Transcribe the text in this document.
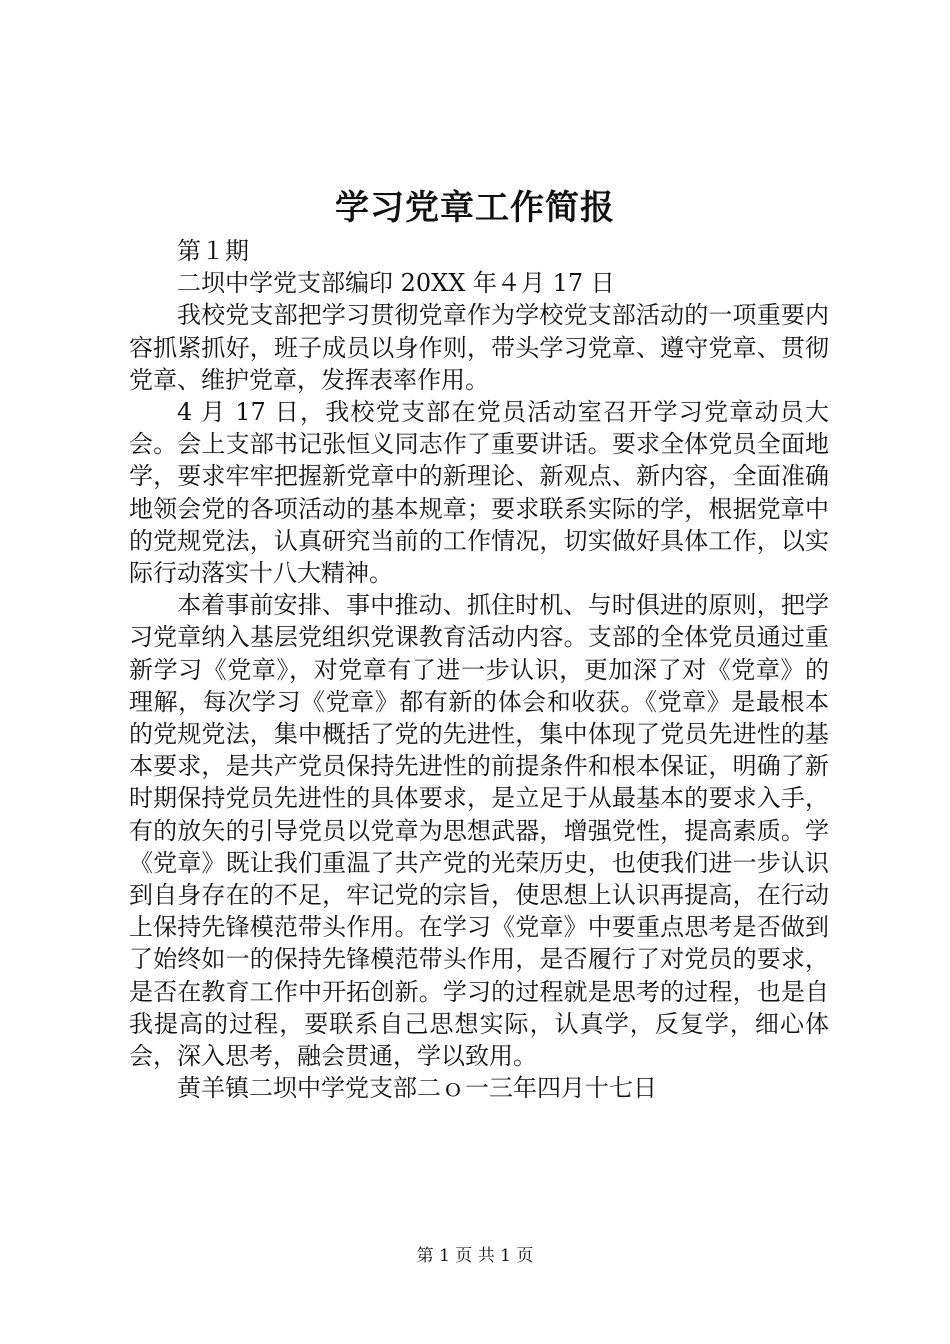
学习党章工作简报

第１期

二坝中学党支部编印 20XX 年４月 17 日

我校党支部把学习贯彻党章作为学校党支部活动的一项重要内容抓紧抓好，班子成员以身作则，带头学习党章、遵守党章、贯彻党章、维护党章，发挥表率作用。

4 月 17 日，我校党支部在党员活动室召开学习党章动员大会。会上支部书记张恒义同志作了重要讲话。要求全体党员全面地学，要求牢牢把握新党章中的新理论、新观点、新内容，全面准确地领会党的各项活动的基本规章；要求联系实际的学，根据党章中的党规党法，认真研究当前的工作情况，切实做好具体工作，以实际行动落实十八大精神。

本着事前安排、事中推动、抓住时机、与时俱进的原则，把学习党章纳入基层党组织党课教育活动内容。支部的全体党员通过重新学习《党章》，对党章有了进一步认识，更加深了对《党章》的理解，每次学习《党章》都有新的体会和收获。《党章》是最根本的党规党法，集中概括了党的先进性，集中体现了党员先进性的基本要求，是共产党员保持先进性的前提条件和根本保证，明确了新时期保持党员先进性的具体要求，是立足于从最基本的要求入手，有的放矢的引导党员以党章为思想武器，增强党性，提高素质。学《党章》既让我们重温了共产党的光荣历史，也使我们进一步认识到自身存在的不足，牢记党的宗旨，使思想上认识再提高，在行动上保持先锋模范带头作用。在学习《党章》中要重点思考是否做到了始终如一的保持先锋模范带头作用，是否履行了对党员的要求，是否在教育工作中开拓创新。学习的过程就是思考的过程，也是自我提高的过程，要联系自己思想实际，认真学，反复学，细心体会，深入思考，融会贯通，学以致用。

黄羊镇二坝中学党支部二ｏ一三年四月十七日

第 1 页 共 1 页
